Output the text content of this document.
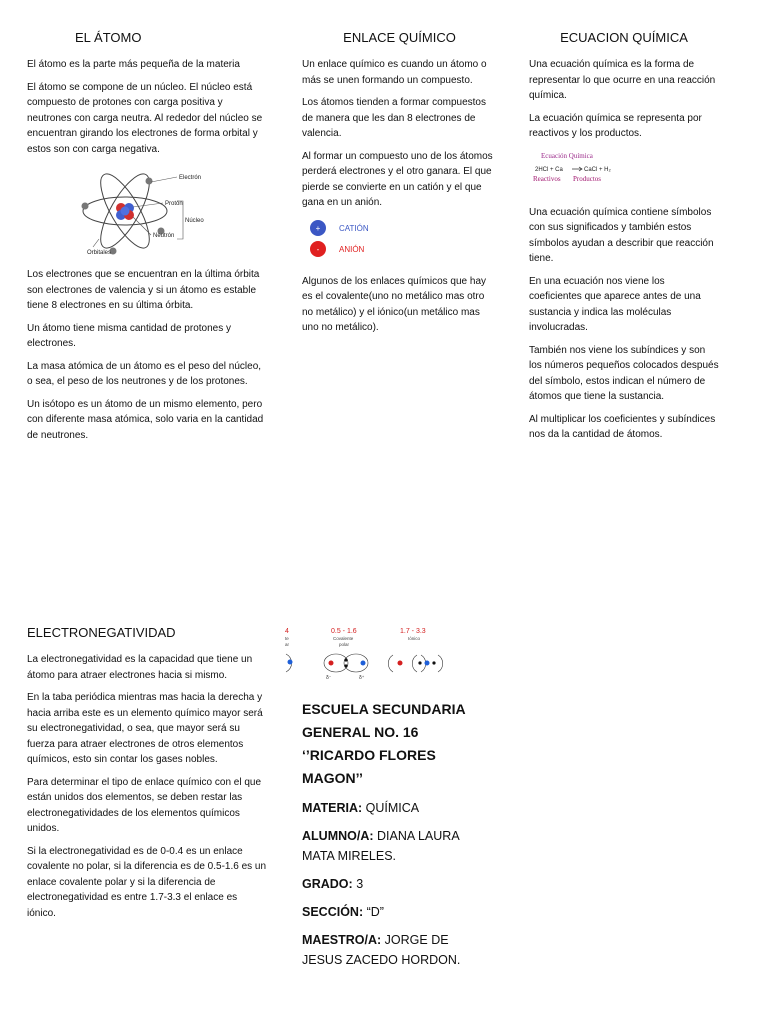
EL ÁTOMO

El átomo es la parte más pequeña de la materia

El átomo se compone de un núcleo. El núcleo está compuesto de protones con carga positiva y neutrones con carga neutra. Al rededor del núcleo se encuentran girando los electrones de forma orbital y estos son con carga negativa.

Electrón
Protón
Núcleo
Neutrón
Orbitales

Los electrones que se encuentran en la última órbita son electrones de valencia y si un átomo es estable tiene 8 electrones en su última órbita.

Un átomo tiene misma cantidad de protones y electrones.

La masa atómica de un átomo es el peso del núcleo, o sea, el peso de los neutrones y de los protones.

Un isótopo es un átomo de un mismo elemento, pero con diferente masa atómica, solo varia en la cantidad de neutrones.

ENLACE QUÍMICO

Un enlace químico es cuando un átomo o más se unen formando un compuesto.

Los átomos tienden a formar compuestos de manera que les dan 8 electrones de valencia.

Al formar un compuesto uno de los átomos perderá electrones y el otro ganara. El que pierde se convierte en un catión y el que gana en un anión.

+	CATIÓN
-	ANIÓN

Algunos de los enlaces químicos que hay es el covalente(uno no metálico mas otro no metálico) y el iónico(un metálico mas uno no metálico).

ECUACION QUÍMICA

Una ecuación química es la forma de representar lo que ocurre en una reacción química.

La ecuación química se representa por reactivos y los productos.

Ecuación Química
2HCl + Ca	CaCl + H₂
Reactivos Productos

Una ecuación química contiene símbolos con sus significados y también estos símbolos ayudan a describir que reacción tiene.

En una ecuación nos viene los coeficientes que aparece antes de una sustancia y indica las moléculas involucradas.

También nos viene los subíndices y son los números pequeños colocados después del símbolo, estos indican el número de átomos que tiene la sustancia.

Al multiplicar los coeficientes y subíndices nos da la cantidad de átomos.

ELECTRONEGATIVIDAD

La electronegatividad es la capacidad que tiene un átomo para atraer electrones hacia si mismo.

En la taba periódica mientras mas hacia la derecha y hacia arriba este es un elemento químico mayor será su electronegatividad, o sea, que mayor será su fuerza para atraer electrones de otros elementos químicos, esto sin contar los gases nobles.

Para determinar el tipo de enlace químico con el que están unidos dos elementos, se deben restar las electronegatividades de los elementos químicos unidos.

Si la electronegatividad es de 0-0.4 es un enlace covalente no polar, si la diferencia es de 0.5-1.6 es un enlace covalente polar y si la diferencia de electronegatividad es entre 1.7-3.3 el enlace es iónico.

4
te
ar
0.5 - 1.6
Covalente
polar
δ⁻	δ⁺
1.7 - 3.3
Iónico
ESCUELA SECUNDARIA GENERAL NO. 16 ‘’RICARDO FLORES MAGON’’
MATERIA: QUÍMICA
ALUMNO/A: DIANA LAURA MATA MIRELES.
GRADO: 3
SECCIÓN: “D”
MAESTRO/A: JORGE DE JESUS ZACEDO HORDON.
